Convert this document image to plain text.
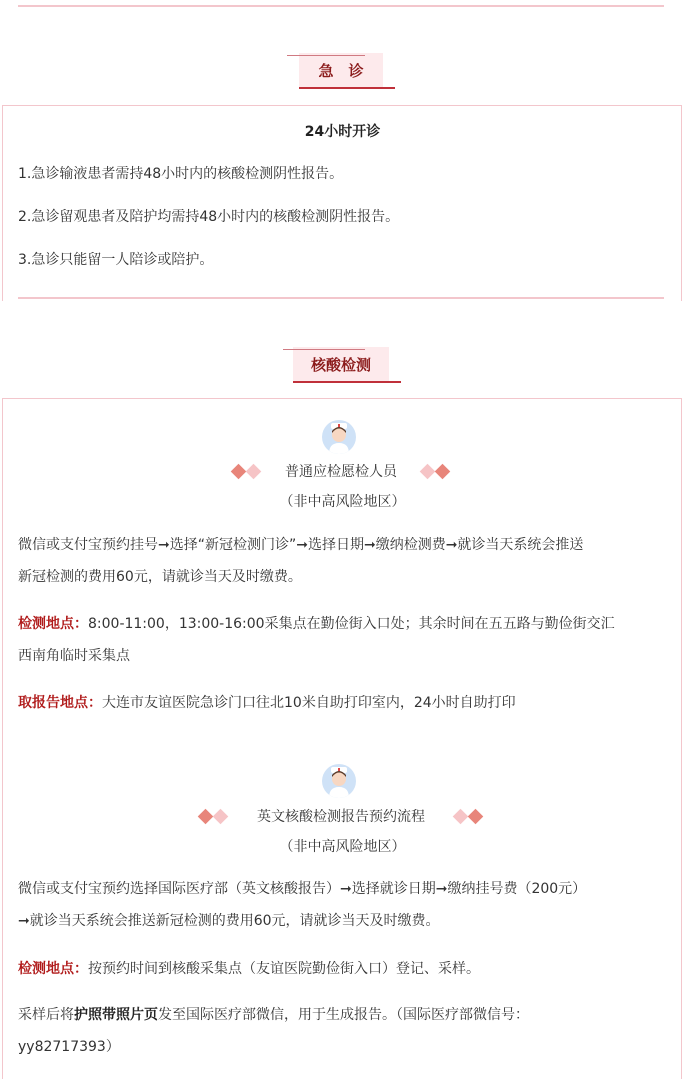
急　诊
24小时开诊
1.急诊输液患者需持48小时内的核酸检测阴性报告。
2.急诊留观患者及陪护均需持48小时内的核酸检测阴性报告。
3.急诊只能留一人陪诊或陪护。
核酸检测
普通应检愿检人员
（非中高风险地区）
微信或支付宝预约挂号➞选择“新冠检测门诊”➞选择日期➞缴纳检测费➞就诊当天系统会推送
新冠检测的费用60元，请就诊当天及时缴费。
检测地点：8:00-11:00，13:00-16:00采集点在勤俭街入口处；其余时间在五五路与勤俭街交汇
西南角临时采集点
取报告地点：大连市友谊医院急诊门口往北10米自助打印室内，24小时自助打印
英文核酸检测报告预约流程
（非中高风险地区）
微信或支付宝预约选择国际医疗部（英文核酸报告）➞选择就诊日期➞缴纳挂号费（200元）
➞就诊当天系统会推送新冠检测的费用60元，请就诊当天及时缴费。
检测地点：按预约时间到核酸采集点（友谊医院勤俭街入口）登记、采样。
采样后将护照带照片页发至国际医疗部微信，用于生成报告。（国际医疗部微信号：
yy82717393）
